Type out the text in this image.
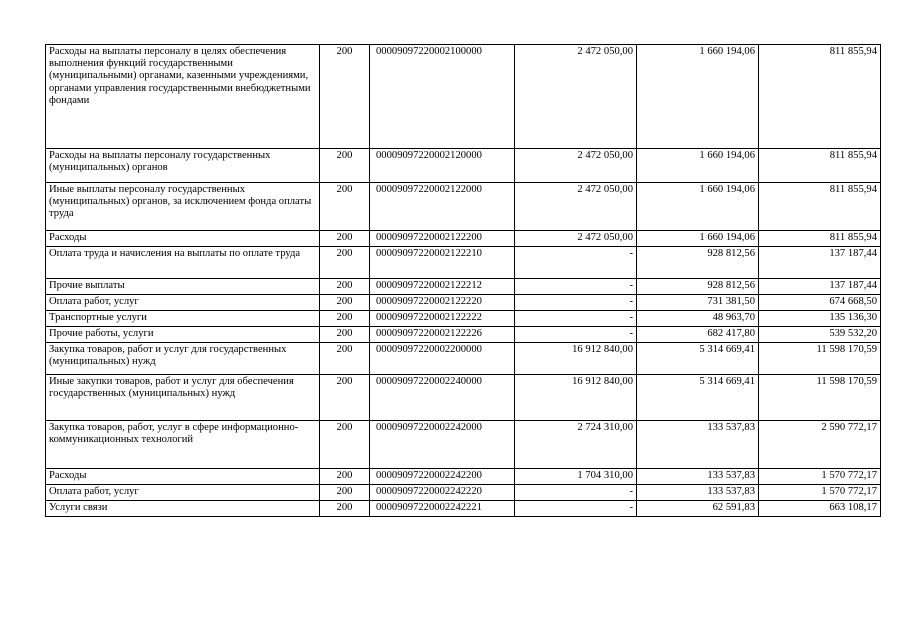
Расходы на выплаты персоналу в целях обеспечения выполнения функций государственными (муниципальными) органами, казенными учреждениями, органами управления государственными внебюджетными фондами	200	00009097220002100000	2 472 050,00	1 660 194,06	811 855,94
Расходы на выплаты персоналу государственных (муниципальных) органов	200	00009097220002120000	2 472 050,00	1 660 194,06	811 855,94
Иные выплаты персоналу государственных (муниципальных) органов, за исключением фонда оплаты труда	200	00009097220002122000	2 472 050,00	1 660 194,06	811 855,94
Расходы	200	00009097220002122200	2 472 050,00	1 660 194,06	811 855,94
Оплата труда и начисления на выплаты по оплате труда	200	00009097220002122210	-	928 812,56	137 187,44
Прочие выплаты	200	00009097220002122212	-	928 812,56	137 187,44
Оплата работ, услуг	200	00009097220002122220	-	731 381,50	674 668,50
Транспортные услуги	200	00009097220002122222	-	48 963,70	135 136,30
Прочие работы, услуги	200	00009097220002122226	-	682 417,80	539 532,20
Закупка товаров, работ и услуг для государственных (муниципальных) нужд	200	00009097220002200000	16 912 840,00	5 314 669,41	11 598 170,59
Иные закупки товаров, работ и услуг для обеспечения государственных (муниципальных) нужд	200	00009097220002240000	16 912 840,00	5 314 669,41	11 598 170,59
Закупка товаров, работ, услуг в сфере информационно-коммуникационных технологий	200	00009097220002242000	2 724 310,00	133 537,83	2 590 772,17
Расходы	200	00009097220002242200	1 704 310,00	133 537,83	1 570 772,17
Оплата работ, услуг	200	00009097220002242220	-	133 537,83	1 570 772,17
Услуги связи	200	00009097220002242221	-	62 591,83	663 108,17
